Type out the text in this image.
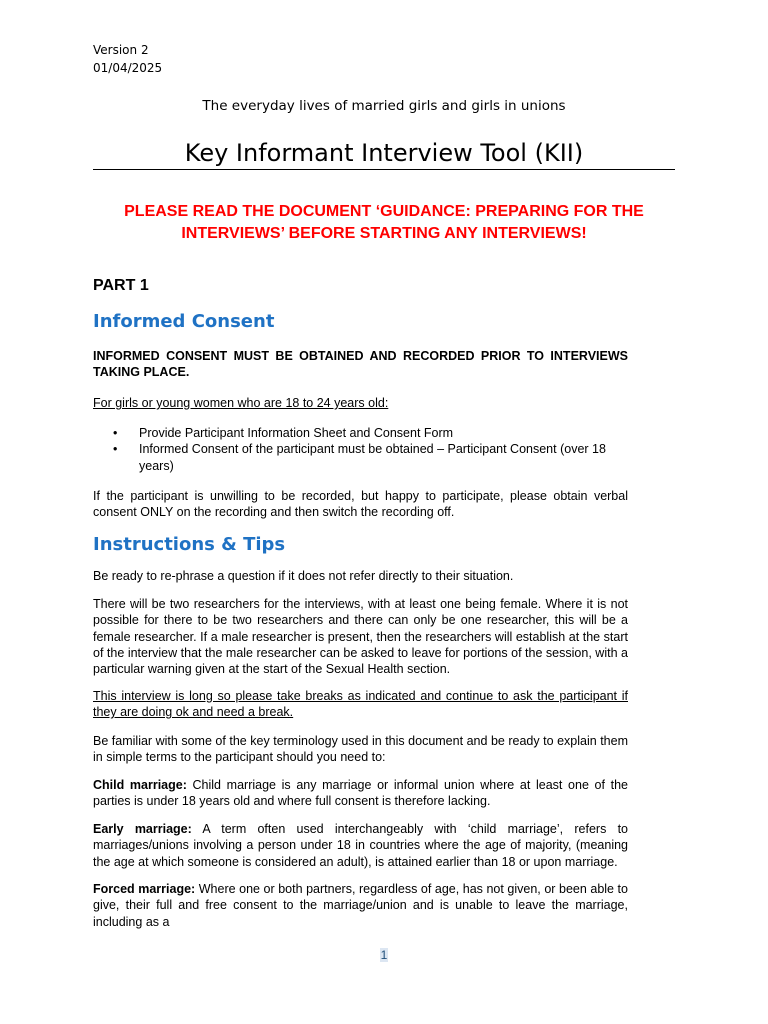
Version 2
01/04/2025
The everyday lives of married girls and girls in unions
Key Informant Interview Tool (KII)
PLEASE READ THE DOCUMENT ‘GUIDANCE: PREPARING FOR THE INTERVIEWS’ BEFORE STARTING ANY INTERVIEWS!
PART 1
Informed Consent
INFORMED CONSENT MUST BE OBTAINED AND RECORDED PRIOR TO INTERVIEWS TAKING PLACE.
For girls or young women who are 18 to 24 years old:
• Provide Participant Information Sheet and Consent Form
• Informed Consent of the participant must be obtained – Participant Consent (over 18 years)
If the participant is unwilling to be recorded, but happy to participate, please obtain verbal consent ONLY on the recording and then switch the recording off.
Instructions & Tips
Be ready to re-phrase a question if it does not refer directly to their situation.
There will be two researchers for the interviews, with at least one being female. Where it is not possible for there to be two researchers and there can only be one researcher, this will be a female researcher. If a male researcher is present, then the researchers will establish at the start of the interview that the male researcher can be asked to leave for portions of the session, with a particular warning given at the start of the Sexual Health section.
This interview is long so please take breaks as indicated and continue to ask the participant if they are doing ok and need a break.
Be familiar with some of the key terminology used in this document and be ready to explain them in simple terms to the participant should you need to:
Child marriage: Child marriage is any marriage or informal union where at least one of the parties is under 18 years old and where full consent is therefore lacking.
Early marriage: A term often used interchangeably with ‘child marriage’, refers to marriages/unions involving a person under 18 in countries where the age of majority, (meaning the age at which someone is considered an adult), is attained earlier than 18 or upon marriage.
Forced marriage: Where one or both partners, regardless of age, has not given, or been able to give, their full and free consent to the marriage/union and is unable to leave the marriage, including as a
1
